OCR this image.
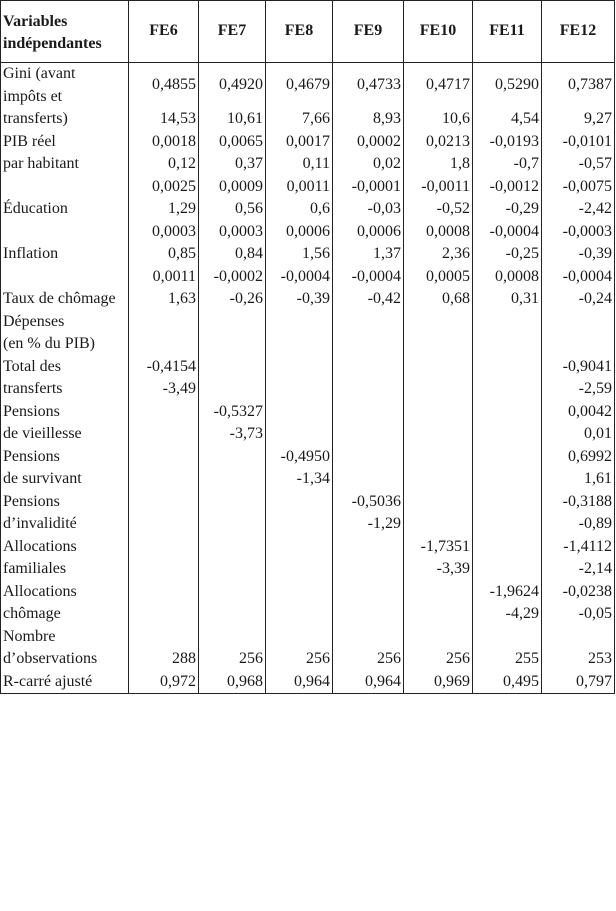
Variables
indépendantes	FE6	FE7	FE8	FE9	FE10	FE11	FE12

Gini (avant
impôts et
transferts)	0,4855	0,4920	0,4679	0,4733	0,4717	0,5290	0,7387
	14,53	10,61	7,66	8,93	10,6	4,54	9,27

PIB réel
par habitant	0,0018	0,0065	0,0017	0,0002	0,0213	-0,0193	-0,0101
	0,12	0,37	0,11	0,02	1,8	-0,7	-0,57

Éducation	0,0025	0,0009	0,0011	-0,0001	-0,0011	-0,0012	-0,0075
	1,29	0,56	0,6	-0,03	-0,52	-0,29	-2,42

Inflation	0,0003	0,0003	0,0006	0,0006	0,0008	-0,0004	-0,0003
	0,85	0,84	1,56	1,37	2,36	-0,25	-0,39

Taux de chômage	0,0011	-0,0002	-0,0004	-0,0004	0,0005	0,0008	-0,0004
	1,63	-0,26	-0,39	-0,42	0,68	0,31	-0,24

Dépenses
(en % du PIB)							

Total des
transferts	-0,4154						-0,9041
	-3,49						-2,59

Pensions
de vieillesse		-0,5327					0,0042
		-3,73					0,01

Pensions
de survivant			-0,4950				0,6992
			-1,34				1,61

Pensions
d’invalidité				-0,5036			-0,3188
				-1,29			-0,89

Allocations
familiales					-1,7351		-1,4112
					-3,39		-2,14

Allocations
chômage						-1,9624	-0,0238
						-4,29	-0,05

Nombre
d’observations	288	256	256	256	256	255	253

R-carré ajusté	0,972	0,968	0,964	0,964	0,969	0,495	0,797
